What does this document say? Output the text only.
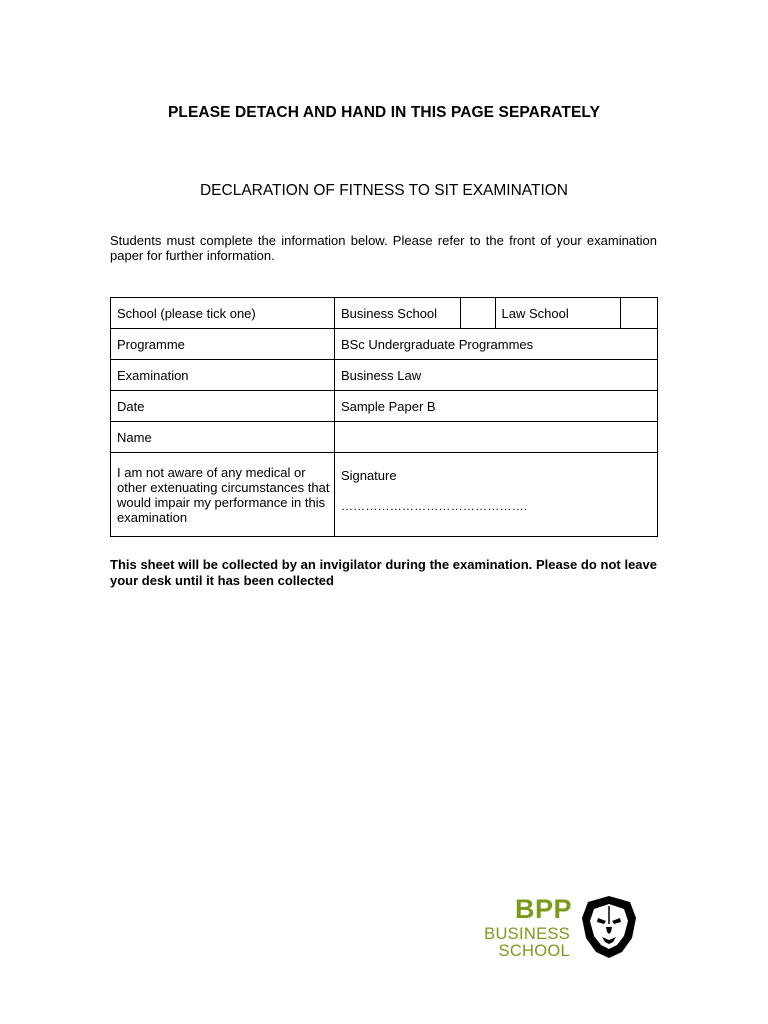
PLEASE DETACH AND HAND IN THIS PAGE SEPARATELY
DECLARATION OF FITNESS TO SIT EXAMINATION
Students must complete the information below. Please refer to the front of your examination paper for further information.
School (please tick one)	Business School		Law School	
Programme	BSc Undergraduate Programmes			
Examination	Business Law			
Date	Sample Paper B			
Name				
I am not aware of any medical or other extenuating circumstances that would impair my performance in this examination	Signature
……………………………………….			
This sheet will be collected by an invigilator during the examination. Please do not leave your desk until it has been collected
BPP
BUSINESS
SCHOOL
